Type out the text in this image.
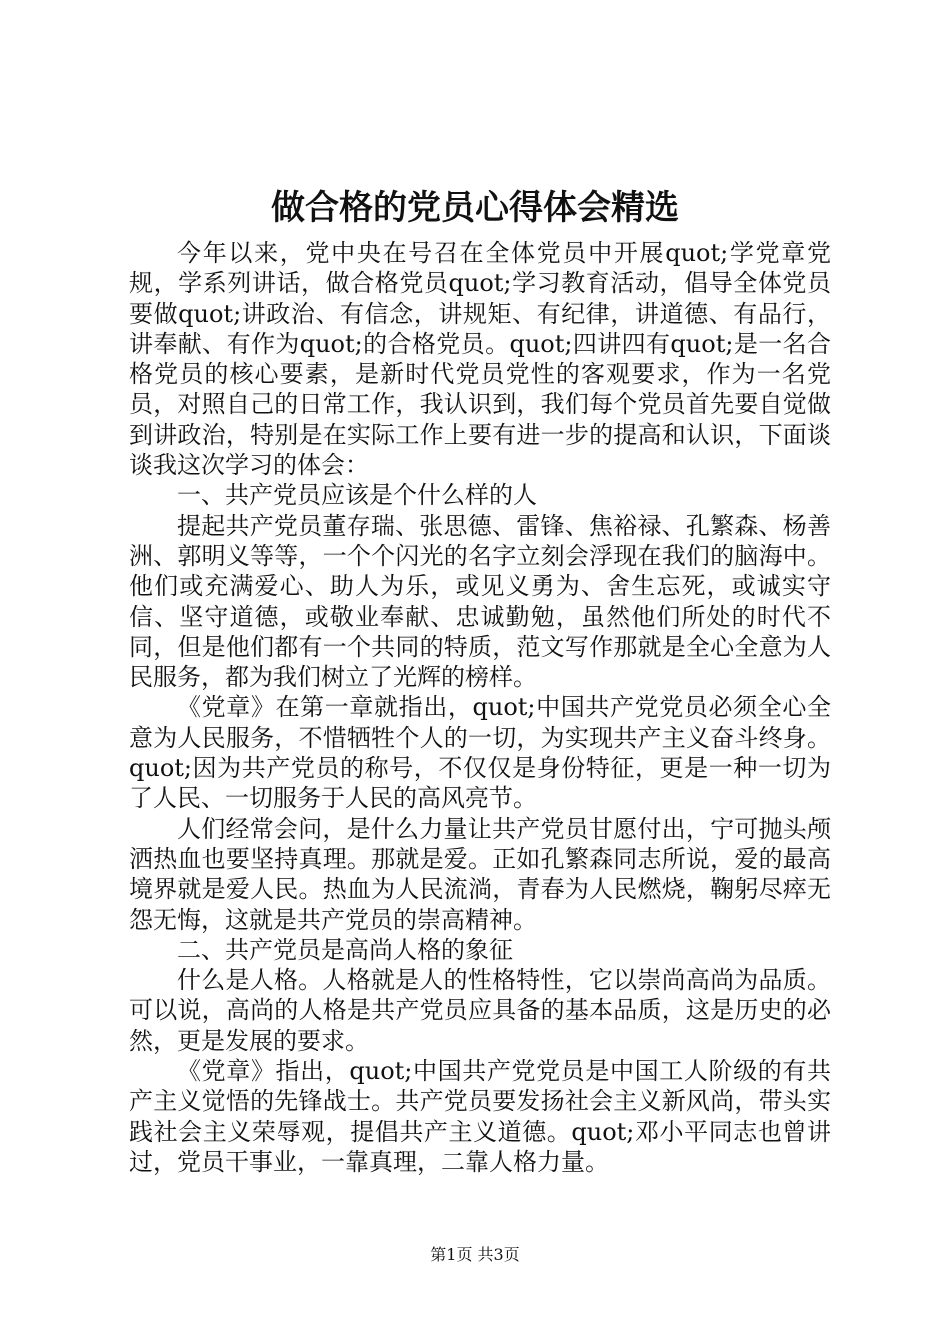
做合格的党员心得体会精选

今年以来，党中央在号召在全体党员中开展quot;学党章党规，学系列讲话，做合格党员quot;学习教育活动，倡导全体党员要做quot;讲政治、有信念，讲规矩、有纪律，讲道德、有品行，讲奉献、有作为quot;的合格党员。quot;四讲四有quot;是一名合格党员的核心要素，是新时代党员党性的客观要求，作为一名党员，对照自己的日常工作，我认识到，我们每个党员首先要自觉做到讲政治，特别是在实际工作上要有进一步的提高和认识，下面谈谈我这次学习的体会：

一、共产党员应该是个什么样的人

提起共产党员董存瑞、张思德、雷锋、焦裕禄、孔繁森、杨善洲、郭明义等等，一个个闪光的名字立刻会浮现在我们的脑海中。他们或充满爱心、助人为乐，或见义勇为、舍生忘死，或诚实守信、坚守道德，或敬业奉献、忠诚勤勉，虽然他们所处的时代不同，但是他们都有一个共同的特质，范文写作那就是全心全意为人民服务，都为我们树立了光辉的榜样。

《党章》在第一章就指出，quot;中国共产党党员必须全心全意为人民服务，不惜牺牲个人的一切，为实现共产主义奋斗终身。quot;因为共产党员的称号，不仅仅是身份特征，更是一种一切为了人民、一切服务于人民的高风亮节。

人们经常会问，是什么力量让共产党员甘愿付出，宁可抛头颅洒热血也要坚持真理。那就是爱。正如孔繁森同志所说，爱的最高境界就是爱人民。热血为人民流淌，青春为人民燃烧，鞠躬尽瘁无怨无悔，这就是共产党员的崇高精神。

二、共产党员是高尚人格的象征

什么是人格。人格就是人的性格特性，它以崇尚高尚为品质。可以说，高尚的人格是共产党员应具备的基本品质，这是历史的必然，更是发展的要求。

《党章》指出，quot;中国共产党党员是中国工人阶级的有共产主义觉悟的先锋战士。共产党员要发扬社会主义新风尚，带头实践社会主义荣辱观，提倡共产主义道德。quot;邓小平同志也曾讲过，党员干事业，一靠真理，二靠人格力量。

第1页 共3页
